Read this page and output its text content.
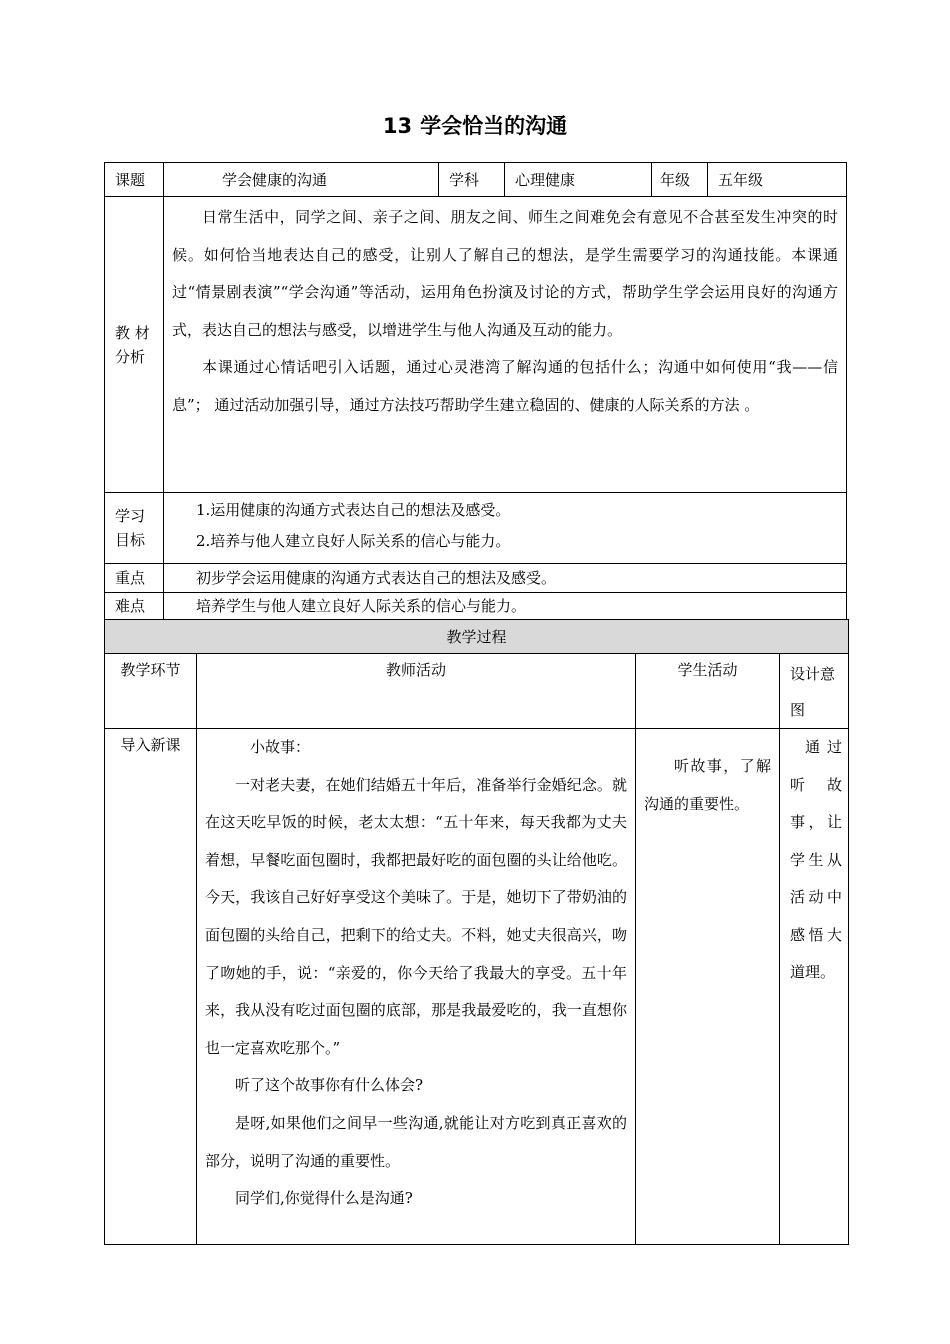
13 学会恰当的沟通
课题	学会健康的沟通	学科	心理健康	年级	五年级
教 材分析	日常生活中，同学之间、亲子之间、朋友之间、师生之间难免会有意见不合甚至发生冲突的时候。如何恰当地表达自己的感受，让别人了解自己的想法，是学生需要学习的沟通技能。本课通过“情景剧表演”“学会沟通”等活动，运用角色扮演及讨论的方式，帮助学生学会运用良好的沟通方式，表达自己的想法与感受，以增进学生与他人沟通及互动的能力。

本课通过心情话吧引入话题，通过心灵港湾了解沟通的包括什么；沟通中如何使用“我——信息”； 通过活动加强引导，通过方法技巧帮助学生建立稳固的、健康的人际关系的方法 。				

学习目标	1.运用健康的沟通方式表达自己的想法及感受。

2.培养与他人建立良好人际关系的信心与能力。				

重点	初步学会运用健康的沟通方式表达自己的想法及感受。				
难点	培养学生与他人建立良好人际关系的信心与能力。				
教学过程			
教学环节	教师活动	学生活动	设计意图
导入新课	小故事：

一对老夫妻，在她们结婚五十年后，准备举行金婚纪念。就在这天吃早饭的时候，老太太想：“五十年来，每天我都为丈夫着想，早餐吃面包圈时，我都把最好吃的面包圈的头让给他吃。今天，我该自己好好享受这个美味了。于是，她切下了带奶油的面包圈的头给自己，把剩下的给丈夫。不料，她丈夫很高兴，吻了吻她的手，说：“亲爱的，你今天给了我最大的享受。五十年来，我从没有吃过面包圈的底部，那是我最爱吃的，我一直想你也一定喜欢吃那个。”

听了这个故事你有什么体会?

是呀,如果他们之间早一些沟通,就能让对方吃到真正喜欢的部分，说明了沟通的重要性。

同学们,你觉得什么是沟通?	听故事，了解沟通的重要性。	通过听故事，让学生从活动中感悟大道理。
